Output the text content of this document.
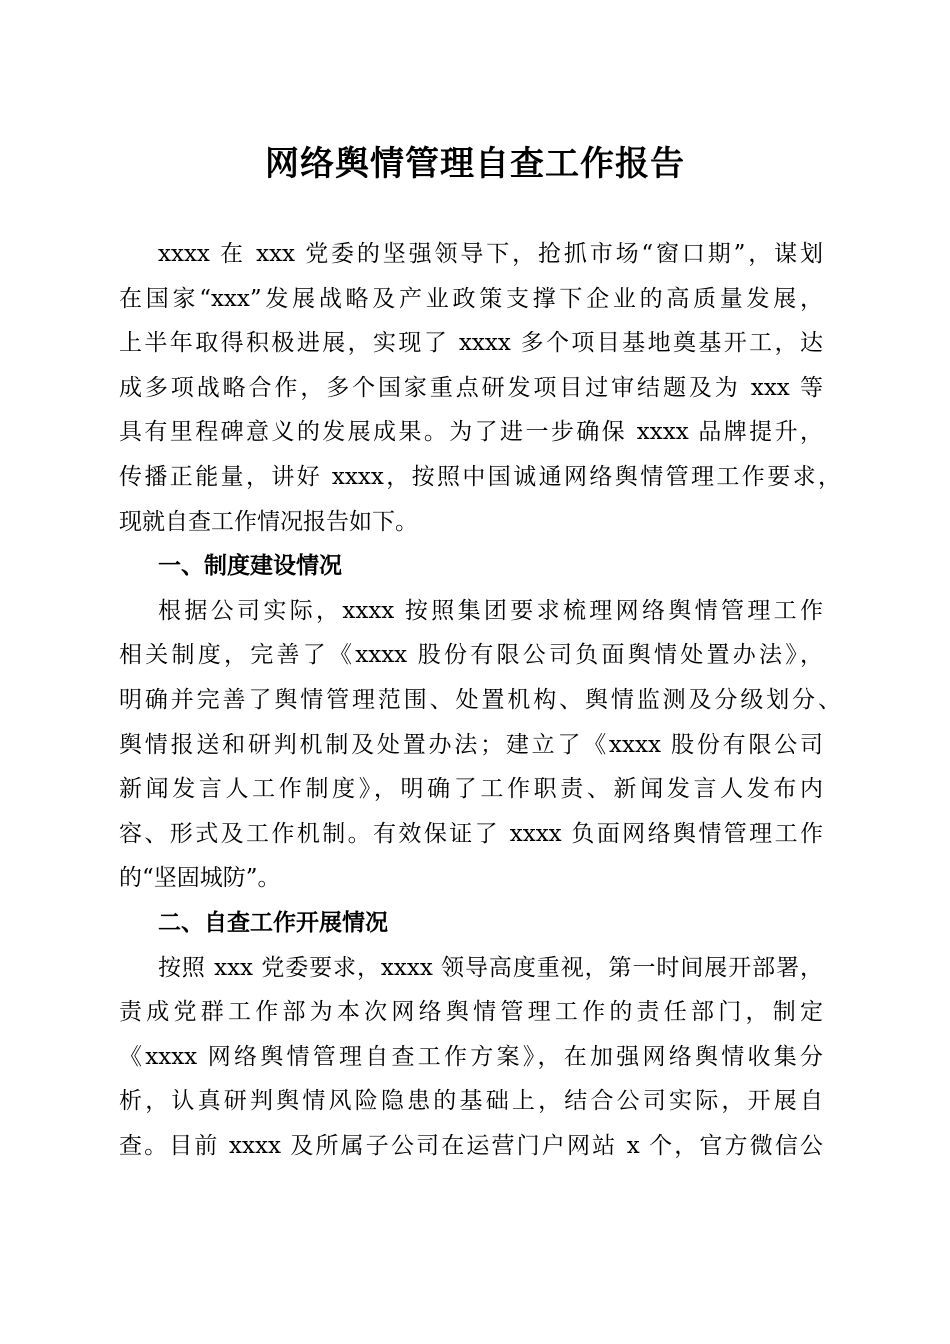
网络舆情管理自查工作报告
xxxx 在 xxx 党委的坚强领导下，抢抓市场“窗口期”，谋划
在国家“xxx”发展战略及产业政策支撑下企业的高质量发展，
上半年取得积极进展，实现了 xxxx 多个项目基地奠基开工，达
成多项战略合作，多个国家重点研发项目过审结题及为 xxx 等
具有里程碑意义的发展成果。为了进一步确保 xxxx 品牌提升，
传播正能量，讲好 xxxx，按照中国诚通网络舆情管理工作要求，
现就自查工作情况报告如下。
一、制度建设情况
根据公司实际，xxxx 按照集团要求梳理网络舆情管理工作
相关制度，完善了《xxxx 股份有限公司负面舆情处置办法》，
明确并完善了舆情管理范围、处置机构、舆情监测及分级划分、
舆情报送和研判机制及处置办法；建立了《xxxx 股份有限公司
新闻发言人工作制度》，明确了工作职责、新闻发言人发布内
容、形式及工作机制。有效保证了 xxxx 负面网络舆情管理工作
的“坚固城防”。
二、自查工作开展情况
按照 xxx 党委要求，xxxx 领导高度重视，第一时间展开部署，
责成党群工作部为本次网络舆情管理工作的责任部门，制定
《xxxx 网络舆情管理自查工作方案》，在加强网络舆情收集分
析，认真研判舆情风险隐患的基础上，结合公司实际，开展自
查。目前 xxxx 及所属子公司在运营门户网站 x 个，官方微信公
